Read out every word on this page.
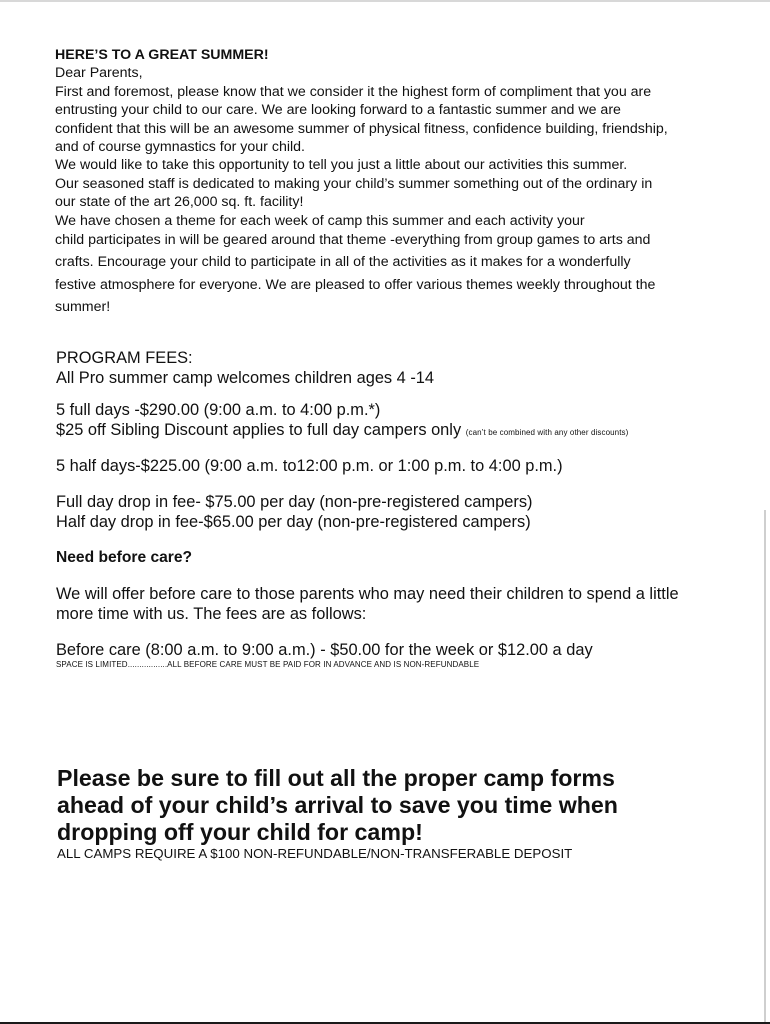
HERE’S TO A GREAT SUMMER!

Dear Parents,

First and foremost, please know that we consider it the highest form of compliment that you are

entrusting your child to our care. We are looking forward to a fantastic summer and we are

confident that this will be an awesome summer of physical fitness, confidence building, friendship,

and of course gymnastics for your child.

We would like to take this opportunity to tell you just a little about our activities this summer.

Our seasoned staff is dedicated to making your child’s summer something out of the ordinary in

our state of the art 26,000 sq. ft. facility!

We have chosen a theme for each week of camp this summer and each activity your

child participates in will be geared around that theme -everything from group games to arts and

crafts. Encourage your child to participate in all of the activities as it makes for a wonderfully

festive atmosphere for everyone. We are pleased to offer various themes weekly throughout the

summer!

PROGRAM FEES:

All Pro summer camp welcomes children ages 4 -14

5 full days -$290.00 (9:00 a.m. to 4:00 p.m.*)

$25 off Sibling Discount applies to full day campers only (can’t be combined with any other discounts)

5 half days-$225.00 (9:00 a.m. to12:00 p.m. or 1:00 p.m. to 4:00 p.m.)

Full day drop in fee- $75.00 per day (non-pre-registered campers)

Half day drop in fee-$65.00 per day (non-pre-registered campers)

Need before care?

We will offer before care to those parents who may need their children to spend a little

more time with us. The fees are as follows:

Before care (8:00 a.m. to 9:00 a.m.) - $50.00 for the week or $12.00 a day

SPACE IS LIMITED.................ALL BEFORE CARE MUST BE PAID FOR IN ADVANCE AND IS NON-REFUNDABLE

Please be sure to fill out all the proper camp forms

ahead of your child’s arrival to save you time when

dropping off your child for camp!

ALL CAMPS REQUIRE A $100 NON-REFUNDABLE/NON-TRANSFERABLE DEPOSIT
